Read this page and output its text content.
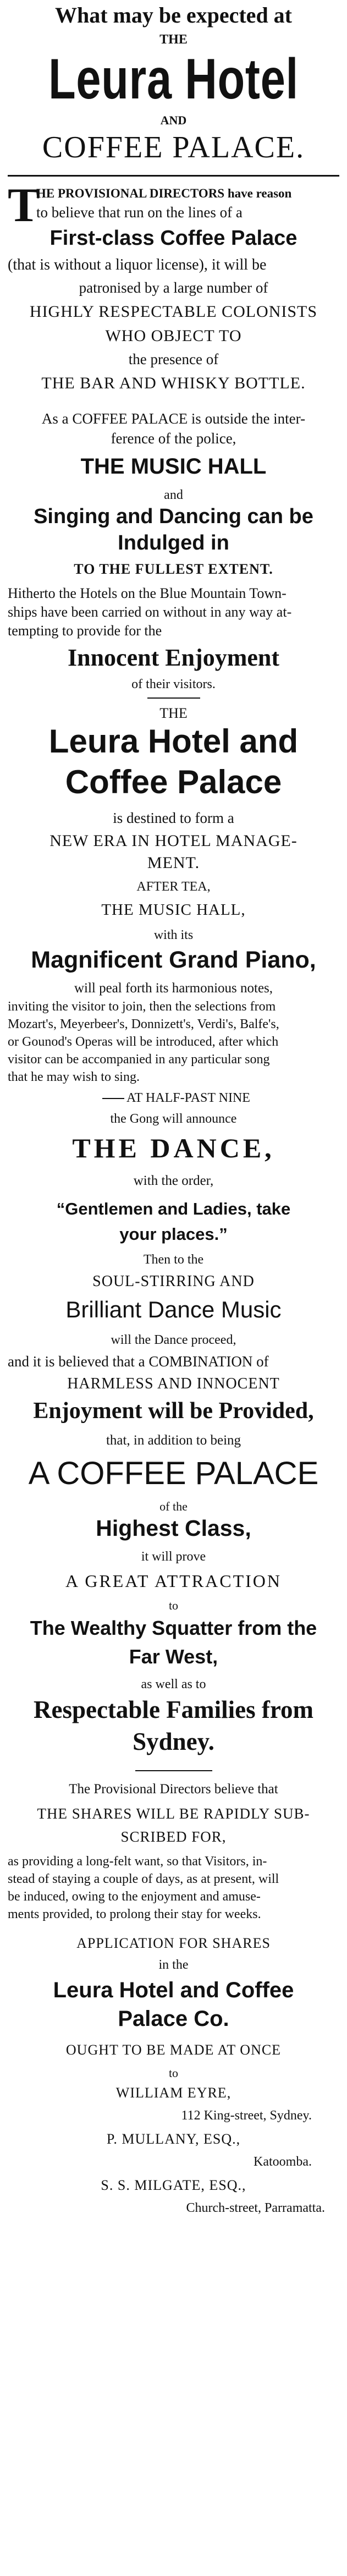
What may be expected at

THE

Leura Hotel

AND

COFFEE PALACE.

T

HE PROVISIONAL DIRECTORS have reason

to believe that run on the lines of a

First-class Coffee Palace

(that is without a liquor license), it will be

patronised by a large number of

HIGHLY RESPECTABLE COLONISTS

WHO OBJECT TO

the presence of

THE BAR AND WHISKY BOTTLE.

As a COFFEE PALACE is outside the inter-

ference of the police,

THE MUSIC HALL

and

Singing and Dancing can be

Indulged in

TO THE FULLEST EXTENT.

Hitherto the Hotels on the Blue Mountain Town-

ships have been carried on without in any way at-

tempting to provide for the

Innocent Enjoyment

of their visitors.

THE

Leura Hotel and

Coffee Palace

is destined to form a

NEW ERA IN HOTEL MANAGE-

MENT.

AFTER TEA,

THE MUSIC HALL,

with its

Magnificent Grand Piano,

will peal forth its harmonious notes,

inviting the visitor to join, then the selections from

Mozart's, Meyerbeer's, Donnizett's, Verdi's, Balfe's,

or Gounod's Operas will be introduced, after which

visitor can be accompanied in any particular song

that he may wish to sing.

AT HALF-PAST NINE

the Gong will announce

THE DANCE,

with the order,

“Gentlemen and Ladies, take

your places.”

Then to the

SOUL-STIRRING AND

Brilliant Dance Music

will the Dance proceed,

and it is believed that a COMBINATION of

HARMLESS AND INNOCENT

Enjoyment will be Provided,

that, in addition to being

A COFFEE PALACE

of the

Highest Class,

it will prove

A GREAT ATTRACTION

to

The Wealthy Squatter from the

Far West,

as well as to

Respectable Families from

Sydney.

The Provisional Directors believe that

THE SHARES WILL BE RAPIDLY SUB-

SCRIBED FOR,

as providing a long-felt want, so that Visitors, in-

stead of staying a couple of days, as at present, will

be induced, owing to the enjoyment and amuse-

ments provided, to prolong their stay for weeks.

APPLICATION FOR SHARES

in the

Leura Hotel and Coffee

Palace Co.

OUGHT TO BE MADE AT ONCE

to

WILLIAM EYRE,

112 King-street, Sydney.

P. MULLANY, ESQ.,

Katoomba.

S. S. MILGATE, ESQ.,

Church-street, Parramatta.
